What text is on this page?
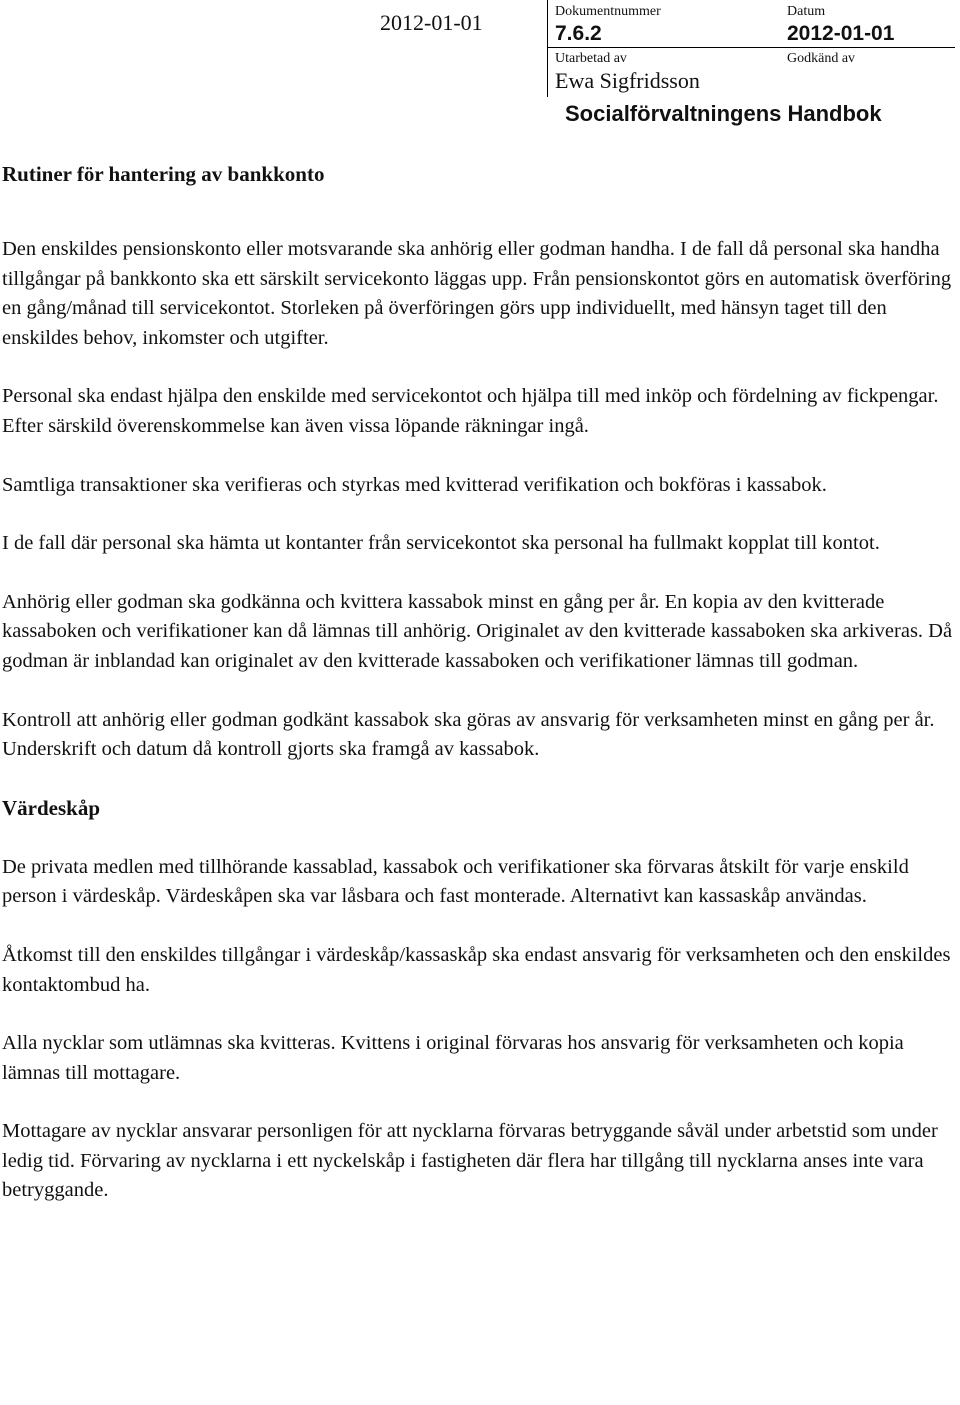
2012-01-01	Dokumentnummer
7.6.2
Datum
2012-01-01
Utarbetad av
Ewa Sigfridsson
Godkänd av
Socialförvaltningens Handbok
Rutiner för hantering av bankkonto

Den enskildes pensionskonto eller motsvarande ska anhörig eller godman handha. I de fall då personal ska handha tillgångar på bankkonto ska ett särskilt servicekonto läggas upp. Från pensionskontot görs en automatisk överföring en gång/månad till servicekontot. Storleken på överföringen görs upp individuellt, med hänsyn taget till den enskildes behov, inkomster och utgifter.

Personal ska endast hjälpa den enskilde med servicekontot och hjälpa till med inköp och fördelning av fickpengar. Efter särskild överenskommelse kan även vissa löpande räkningar ingå.

Samtliga transaktioner ska verifieras och styrkas med kvitterad verifikation och bokföras i kassabok.

I de fall där personal ska hämta ut kontanter från servicekontot ska personal ha fullmakt kopplat till kontot.

Anhörig eller godman ska godkänna och kvittera kassabok minst en gång per år. En kopia av den kvitterade kassaboken och verifikationer kan då lämnas till anhörig. Originalet av den kvitterade kassaboken ska arkiveras. Då godman är inblandad kan originalet av den kvitterade kassaboken och verifikationer lämnas till godman.

Kontroll att anhörig eller godman godkänt kassabok ska göras av ansvarig för verksamheten minst en gång per år. Underskrift och datum då kontroll gjorts ska framgå av kassabok.

Värdeskåp

De privata medlen med tillhörande kassablad, kassabok och verifikationer ska förvaras åtskilt för varje enskild person i värdeskåp. Värdeskåpen ska var låsbara och fast monterade. Alternativt kan kassaskåp användas.

Åtkomst till den enskildes tillgångar i värdeskåp/kassaskåp ska endast ansvarig för verksamheten och den enskildes kontaktombud ha.

Alla nycklar som utlämnas ska kvitteras. Kvittens i original förvaras hos ansvarig för verksamheten och kopia lämnas till mottagare.

Mottagare av nycklar ansvarar personligen för att nycklarna förvaras betryggande såväl under arbetstid som under ledig tid. Förvaring av nycklarna i ett nyckelskåp i fastigheten där flera har tillgång till nycklarna anses inte vara betryggande.
